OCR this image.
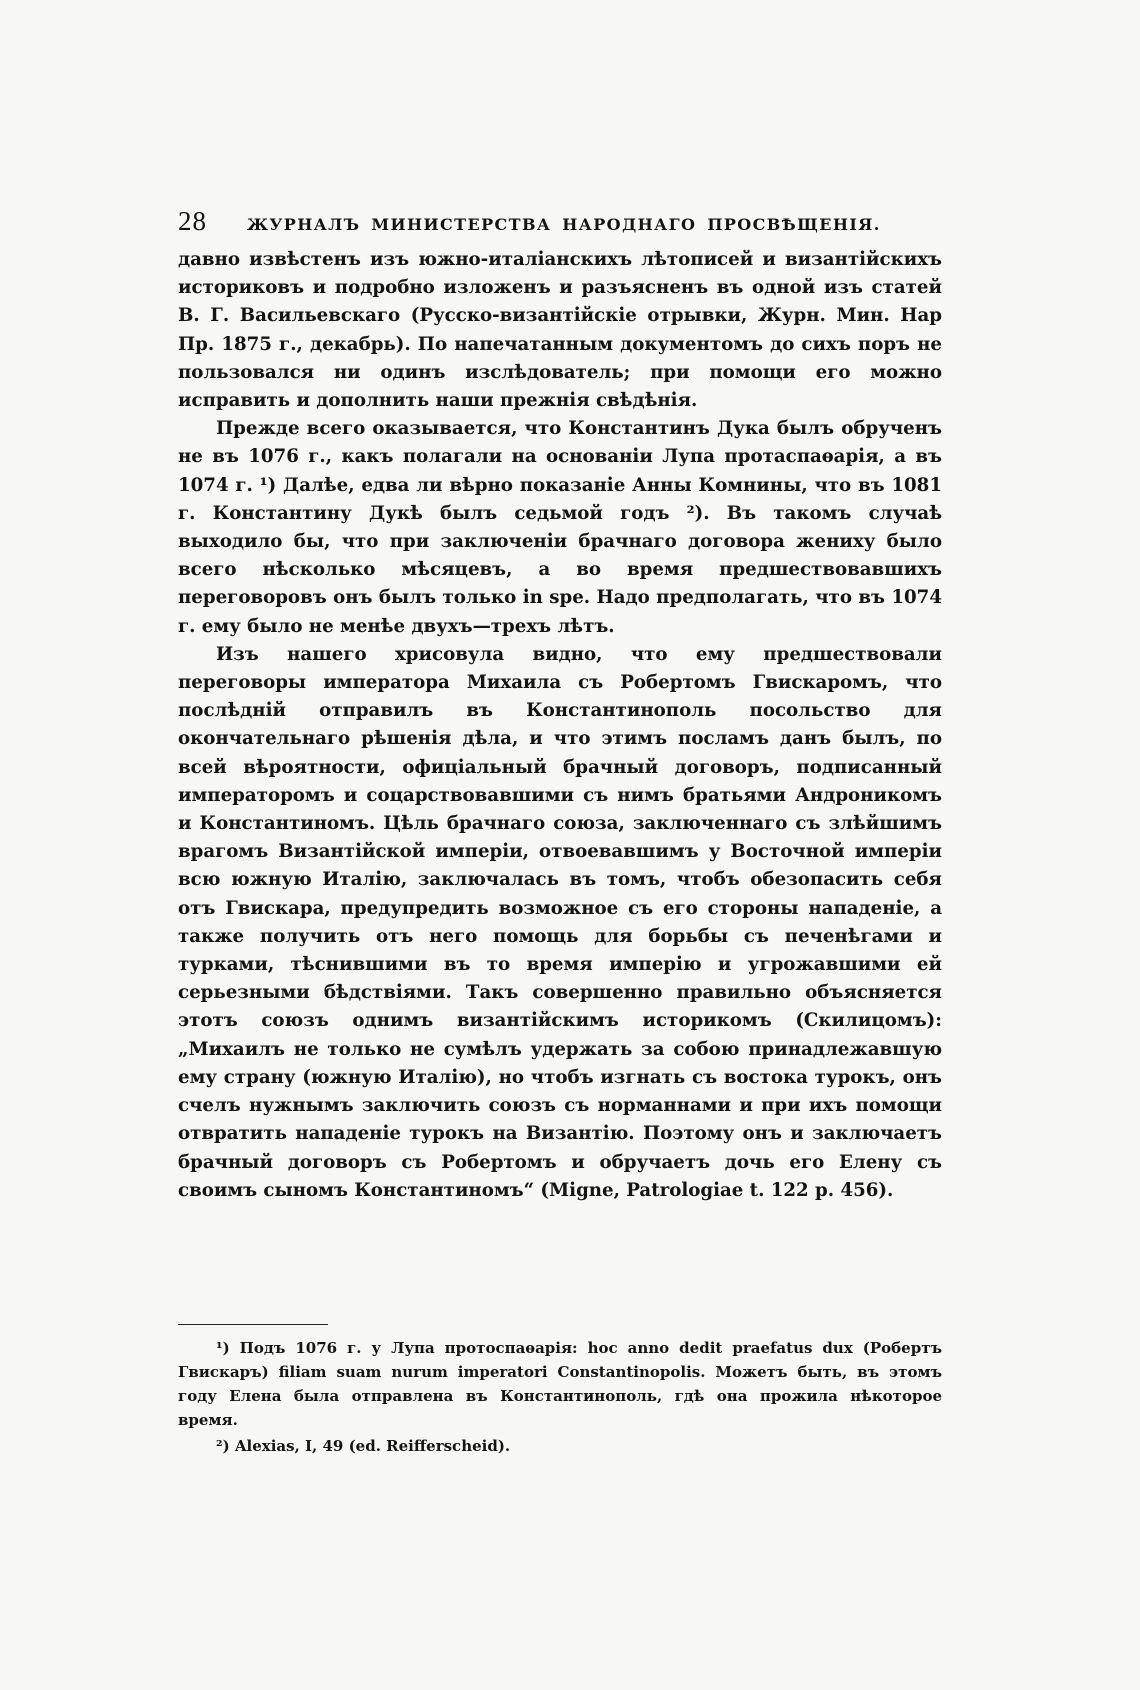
28	ЖУРНАЛЪ МИНИСТЕРСТВА НАРОДНАГО ПРОСВѢЩЕНІЯ.

давно извѣстенъ изъ южно-италіанскихъ лѣтописей и византійскихъ историковъ и подробно изложенъ и разъясненъ въ одной изъ статей В. Г. Васильевскаго (Русско-византійскіе отрывки, Журн. Мин. Нар Пр. 1875 г., декабрь). По напечатанным документомъ до сихъ поръ не пользовался ни одинъ изслѣдователь; при помощи его можно исправить и дополнить наши прежнія свѣдѣнія.

Прежде всего оказывается, что Константинъ Дука былъ обрученъ не въ 1076 г., какъ полагали на основаніи Лупа протаспаѳарія, а въ 1074 г. ¹) Далѣе, едва ли вѣрно показаніе Анны Комнины, что въ 1081 г. Константину Дукѣ былъ седьмой годъ ²). Въ такомъ случаѣ выходило бы, что при заключеніи брачнаго договора жениху было всего нѣсколько мѣсяцевъ, а во время предшествовавшихъ переговоровъ онъ былъ только in spe. Надо предполагать, что въ 1074 г. ему было не менѣе двухъ—трехъ лѣтъ.

Изъ нашего хрисовула видно, что ему предшествовали переговоры императора Михаила съ Робертомъ Гвискаромъ, что послѣдній отправилъ въ Константинополь посольство для окончательнаго рѣшенія дѣла, и что этимъ посламъ данъ былъ, по всей вѣроятности, офиціальный брачный договоръ, подписанный императоромъ и соцарствовавшими съ нимъ братьями Андроникомъ и Константиномъ. Цѣль брачнаго союза, заключеннаго съ злѣйшимъ врагомъ Византійской имперіи, отвоевавшимъ у Восточной имперіи всю южную Италію, заключалась въ томъ, чтобъ обезопасить себя отъ Гвискара, предупредить возможное съ его стороны нападеніе, а также получить отъ него помощь для борьбы съ печенѣгами и турками, тѣснившими въ то время имперію и угрожавшими ей серьезными бѣдствіями. Такъ совершенно правильно объясняется этотъ союзъ однимъ византійскимъ историкомъ (Скилицомъ): „Михаилъ не только не сумѣлъ удержать за собою принадлежавшую ему страну (южную Италію), но чтобъ изгнать съ востока турокъ, онъ счелъ нужнымъ заключить союзъ съ норманнами и при ихъ помощи отвратить нападеніе турокъ на Византію. Поэтому онъ и заключаетъ брачный договоръ съ Робертомъ и обручаетъ дочь его Елену съ своимъ сыномъ Константиномъ“ (Migne, Patrologiae t. 122 p. 456).

¹) Подъ 1076 г. у Лупа протоспаѳарія: hoc anno dedit praefatus dux (Робертъ Гвискаръ) filiam suam nurum imperatori Constantinopolis. Можетъ быть, въ этомъ году Елена была отправлена въ Константинополь, гдѣ она прожила нѣкоторое время.

²) Alexias, I, 49 (ed. Reifferscheid).
